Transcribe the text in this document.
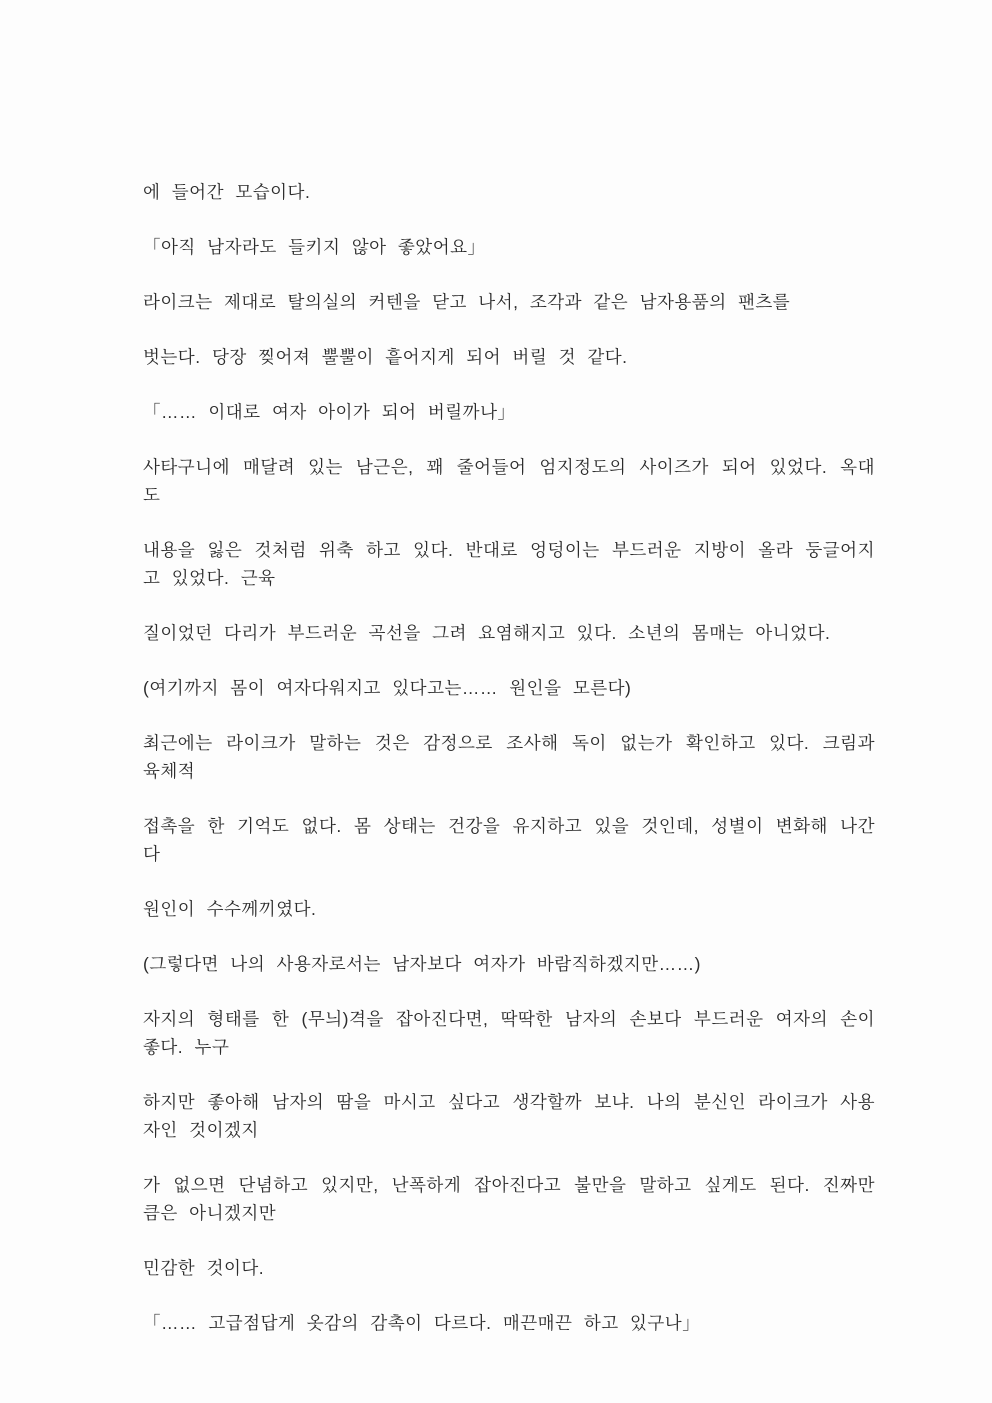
에 들어간 모습이다.

「아직 남자라도 들키지 않아 좋았어요」

라이크는 제대로 탈의실의 커텐을 닫고 나서, 조각과 같은 남자용품의 팬츠를

벗는다. 당장 찢어져 뿔뿔이 흩어지게 되어 버릴 것 같다.

「…… 이대로 여자 아이가 되어 버릴까나」

사타구니에 매달려 있는 남근은, 꽤 줄어들어 엄지정도의 사이즈가 되어 있었다. 옥대도

내용을 잃은 것처럼 위축 하고 있다. 반대로 엉덩이는 부드러운 지방이 올라 둥글어지고 있었다. 근육

질이었던 다리가 부드러운 곡선을 그려 요염해지고 있다. 소년의 몸매는 아니었다.

(여기까지 몸이 여자다워지고 있다고는…… 원인을 모른다)

최근에는 라이크가 말하는 것은 감정으로 조사해 독이 없는가 확인하고 있다. 크림과 육체적

접촉을 한 기억도 없다. 몸 상태는 건강을 유지하고 있을 것인데, 성별이 변화해 나간다

원인이 수수께끼였다.

(그렇다면 나의 사용자로서는 남자보다 여자가 바람직하겠지만……)

자지의 형태를 한 (무늬)격을 잡아진다면, 딱딱한 남자의 손보다 부드러운 여자의 손이 좋다. 누구

하지만 좋아해 남자의 땀을 마시고 싶다고 생각할까 보냐. 나의 분신인 라이크가 사용자인 것이겠지

가 없으면 단념하고 있지만, 난폭하게 잡아진다고 불만을 말하고 싶게도 된다. 진짜만큼은 아니겠지만

민감한 것이다.

「…… 고급점답게 옷감의 감촉이 다르다. 매끈매끈 하고 있구나」
